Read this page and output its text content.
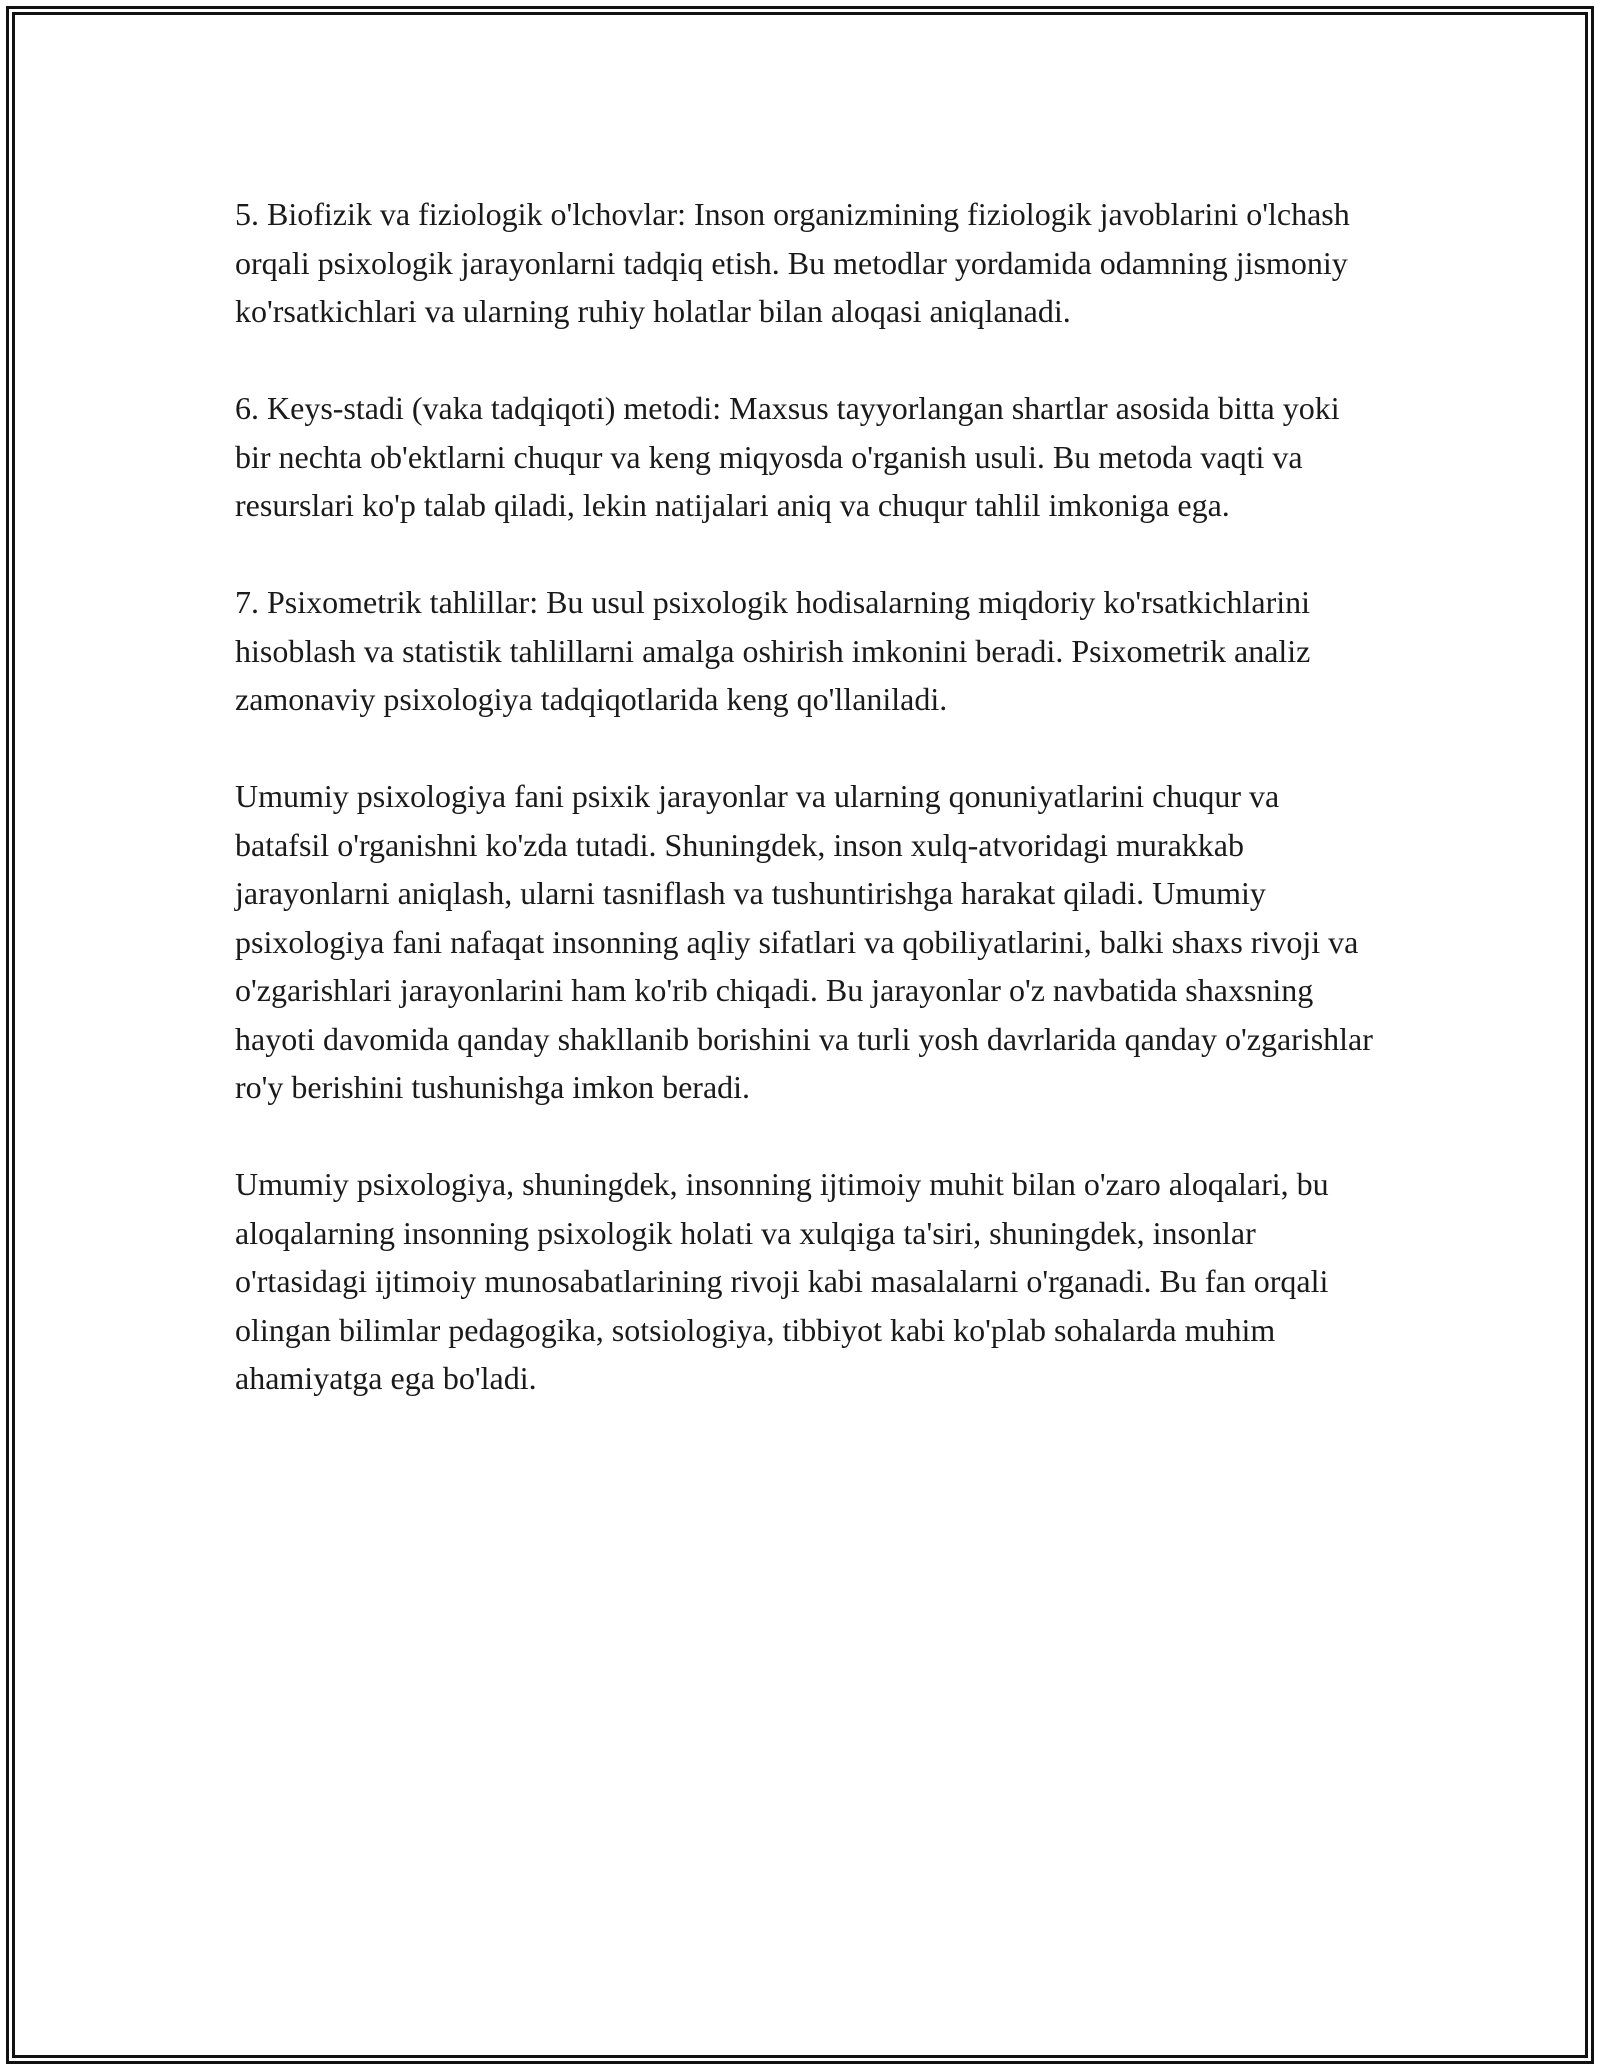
5. Biofizik va fiziologik o'lchovlar: Inson organizmining fiziologik javoblarini o'lchash orqali psixologik jarayonlarni tadqiq etish. Bu metodlar yordamida odamning jismoniy ko'rsatkichlari va ularning ruhiy holatlar bilan aloqasi aniqlanadi.

6. Keys-stadi (vaka tadqiqoti) metodi: Maxsus tayyorlangan shartlar asosida bitta yoki bir nechta ob'ektlarni chuqur va keng miqyosda o'rganish usuli. Bu metoda vaqti va resurslari ko'p talab qiladi, lekin natijalari aniq va chuqur tahlil imkoniga ega.

7. Psixometrik tahlillar: Bu usul psixologik hodisalarning miqdoriy ko'rsatkichlarini hisoblash va statistik tahlillarni amalga oshirish imkonini beradi. Psixometrik analiz zamonaviy psixologiya tadqiqotlarida keng qo'llaniladi.

Umumiy psixologiya fani psixik jarayonlar va ularning qonuniyatlarini chuqur va batafsil o'rganishni ko'zda tutadi. Shuningdek, inson xulq-atvoridagi murakkab jarayonlarni aniqlash, ularni tasniflash va tushuntirishga harakat qiladi. Umumiy psixologiya fani nafaqat insonning aqliy sifatlari va qobiliyatlarini, balki shaxs rivoji va o'zgarishlari jarayonlarini ham ko'rib chiqadi. Bu jarayonlar o'z navbatida shaxsning hayoti davomida qanday shakllanib borishini va turli yosh davrlarida qanday o'zgarishlar ro'y berishini tushunishga imkon beradi.

Umumiy psixologiya, shuningdek, insonning ijtimoiy muhit bilan o'zaro aloqalari, bu aloqalarning insonning psixologik holati va xulqiga ta'siri, shuningdek, insonlar o'rtasidagi ijtimoiy munosabatlarining rivoji kabi masalalarni o'rganadi. Bu fan orqali olingan bilimlar pedagogika, sotsiologiya, tibbiyot kabi ko'plab sohalarda muhim ahamiyatga ega bo'ladi.
